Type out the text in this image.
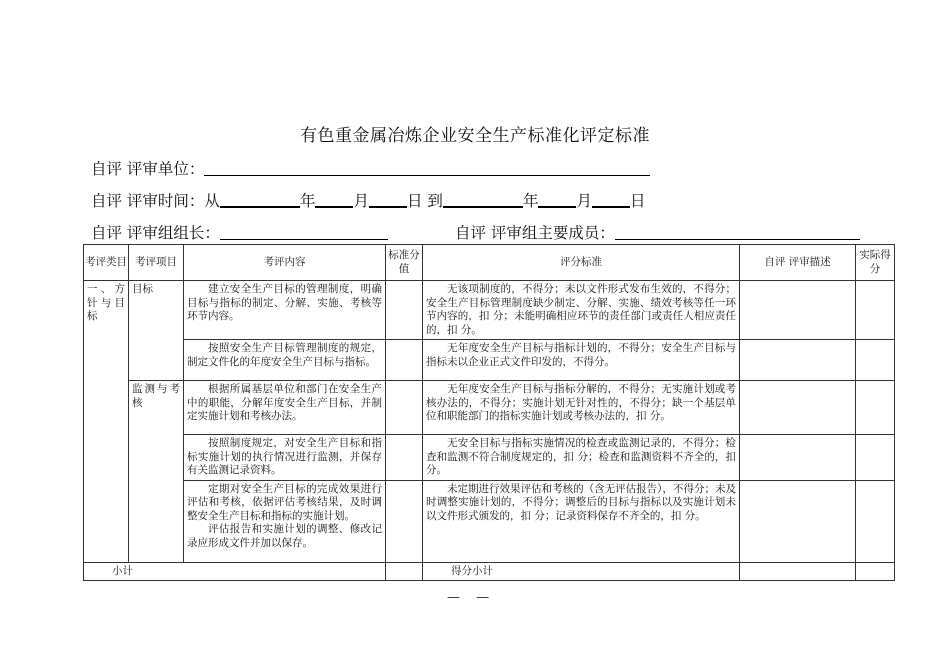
有色重金属冶炼企业安全生产标准化评定标准
自评 评审单位：
自评 评审时间：从	年 月 日 到	年 月 日
自评 评审组组长：	自评 评审组主要成员：
考评类目	考评项目	考评内容	标准分值	评分标准	自评 评审描述	实际得分
一、方针与目标	目标	建立安全生产目标的管理制度，明确目标与指标的制定、分解、实施、考核等环节内容。		无该项制度的，不得分；未以文件形式发布生效的，不得分；安全生产目标管理制度缺少制定、分解、实施、绩效考核等任一环节内容的，扣 分；未能明确相应环节的责任部门或责任人相应责任的，扣 分。		
		按照安全生产目标管理制度的规定，制定文件化的年度安全生产目标与指标。		无年度安全生产目标与指标计划的，不得分；安全生产目标与指标未以企业正式文件印发的，不得分。		
	监测与考核	根据所属基层单位和部门在安全生产中的职能，分解年度安全生产目标，并制定实施计划和考核办法。		无年度安全生产目标与指标分解的，不得分；无实施计划或考核办法的，不得分；实施计划无针对性的，不得分；缺一个基层单位和职能部门的指标实施计划或考核办法的，扣 分。		
		按照制度规定，对安全生产目标和指标实施计划的执行情况进行监测，并保存有关监测记录资料。		无安全目标与指标实施情况的检查或监测记录的，不得分；检查和监测不符合制度规定的，扣 分；检查和监测资料不齐全的，扣 分。		

		定期对安全生产目标的完成效果进行评估和考核，依据评估考核结果，及时调整安全生产目标和指标的实施计划。
评估报告和实施计划的调整、修改记录应形成文件并加以保存。		未定期进行效果评估和考核的（含无评估报告），不得分；未及时调整实施计划的，不得分；调整后的目标与指标以及实施计划未以文件形式颁发的，扣 分；记录资料保存不齐全的，扣 分。		
小计				得分小计		
— —
